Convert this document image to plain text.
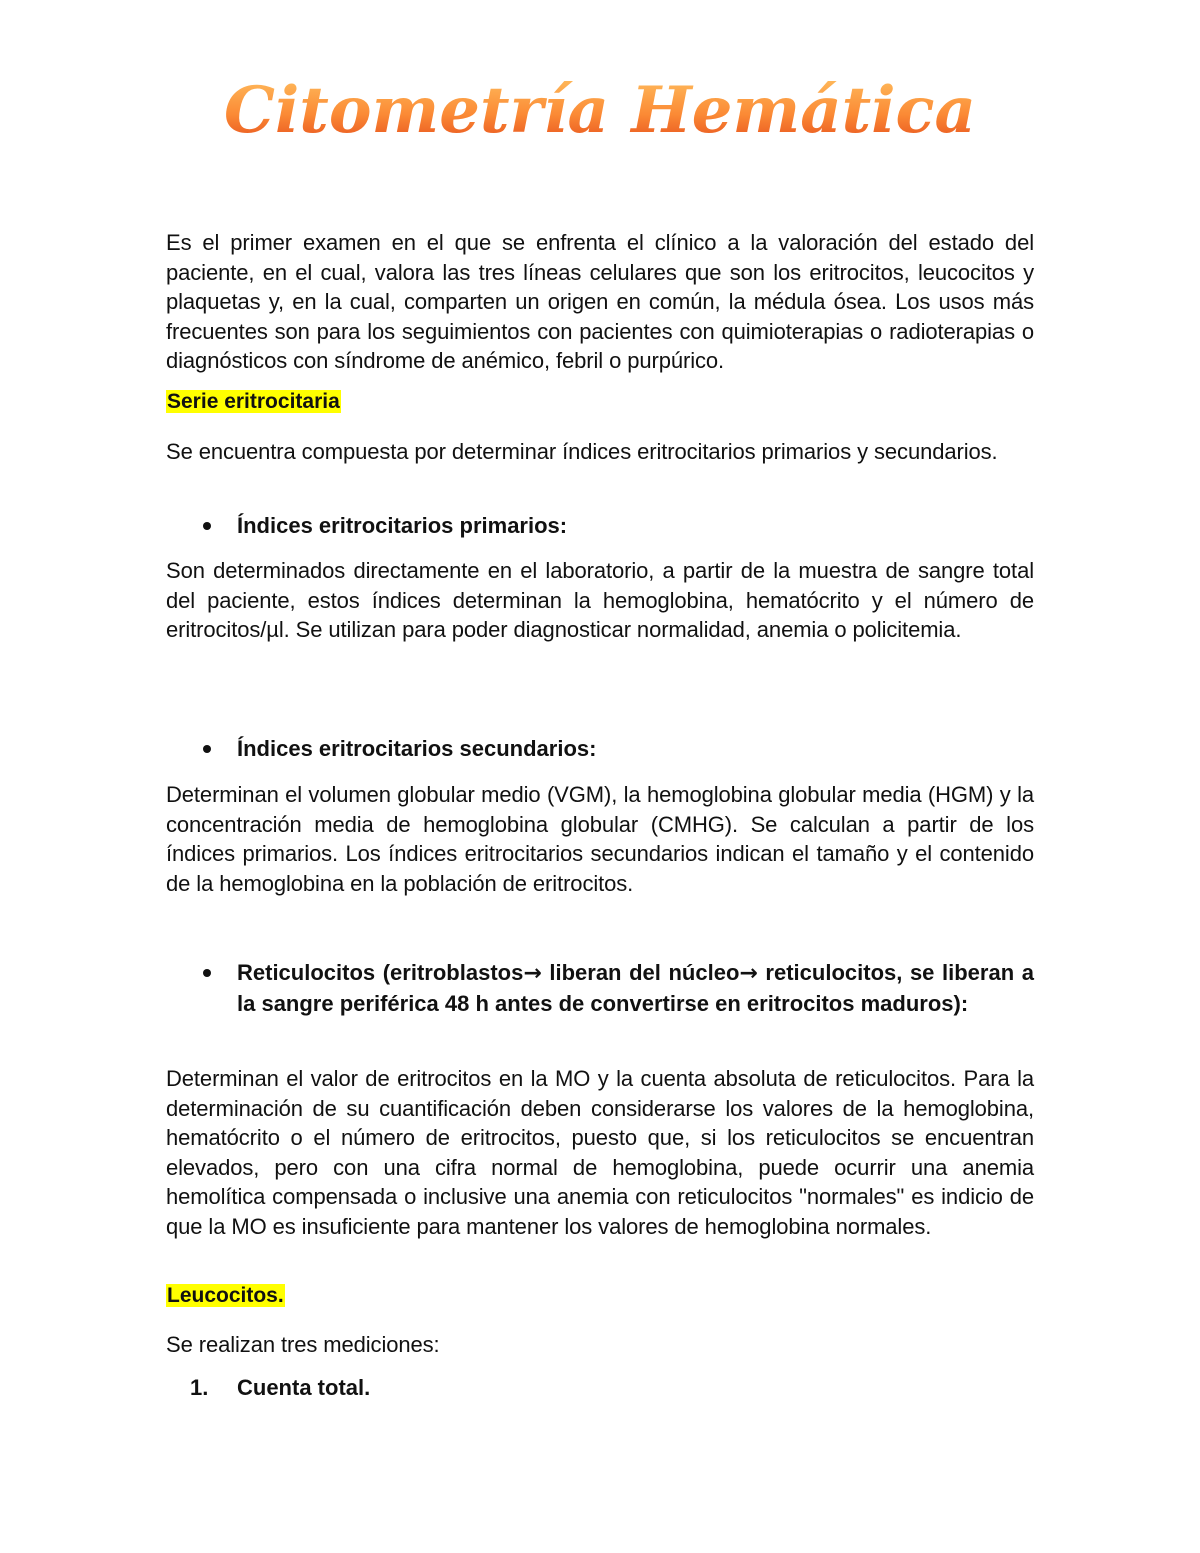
Citometría Hemática

Es el primer examen en el que se enfrenta el clínico a la valoración del estado del paciente, en el cual, valora las tres líneas celulares que son los eritrocitos, leucocitos y plaquetas y, en la cual, comparten un origen en común, la médula ósea. Los usos más frecuentes son para los seguimientos con pacientes con quimioterapias o radioterapias o diagnósticos con síndrome de anémico, febril o purpúrico.

Serie eritrocitaria

Se encuentra compuesta por determinar índices eritrocitarios primarios y secundarios.

Índices eritrocitarios primarios:

Son determinados directamente en el laboratorio, a partir de la muestra de sangre total del paciente, estos índices determinan la hemoglobina, hematócrito y el número de eritrocitos/µl. Se utilizan para poder diagnosticar normalidad, anemia o policitemia.

Índices eritrocitarios secundarios:

Determinan el volumen globular medio (VGM), la hemoglobina globular media (HGM) y la concentración media de hemoglobina globular (CMHG). Se calculan a partir de los índices primarios. Los índices eritrocitarios secundarios indican el tamaño y el contenido de la hemoglobina en la población de eritrocitos.

Reticulocitos (eritroblastos→ liberan del núcleo→ reticulocitos, se liberan a la sangre periférica 48 h antes de convertirse en eritrocitos maduros):

Determinan el valor de eritrocitos en la MO y la cuenta absoluta de reticulocitos. Para la determinación de su cuantificación deben considerarse los valores de la hemoglobina, hematócrito o el número de eritrocitos, puesto que, si los reticulocitos se encuentran elevados, pero con una cifra normal de hemoglobina, puede ocurrir una anemia hemolítica compensada o inclusive una anemia con reticulocitos "normales" es indicio de que la MO es insuficiente para mantener los valores de hemoglobina normales.

Leucocitos.

Se realizan tres mediciones:

1. Cuenta total.
